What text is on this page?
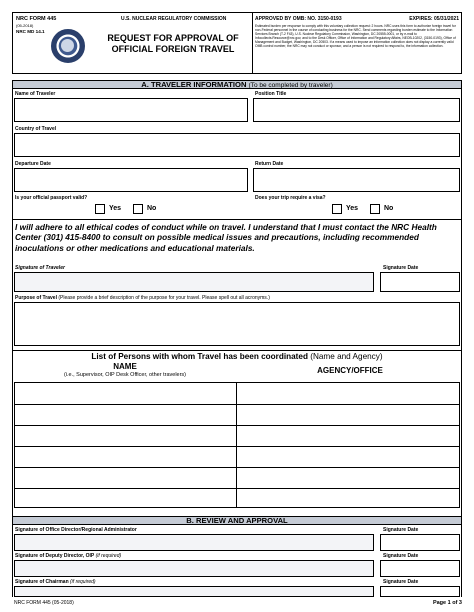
NRC FORM 445
(05-2018)
NRC MD 14.1
U.S. NUCLEAR REGULATORY COMMISSION
REQUEST FOR APPROVAL OF
OFFICIAL FOREIGN TRAVEL
APPROVED BY OMB: NO. 3150-0193	EXPIRES: 05/31/2021
Estimated burden per response to comply with this voluntary collection request: 2 hours. NRC uses this form to authorize foreign travel for non-Federal personnel in the course of conducting business for the NRC. Send comments regarding burden estimate to the Information Services Branch (T-2 F43), U.S. Nuclear Regulatory Commission, Washington, DC 20555-0001, or by e-mail to Infocollects.Resource@nrc.gov, and to the Desk Officer, Office of Information and Regulatory Affairs, NEOB-10202, (3150-0193), Office of Management and Budget, Washington, DC 20503. If a means used to impose an information collection does not display a currently valid OMB control number, the NRC may not conduct or sponsor, and a person is not required to respond to, the information collection.
A. TRAVELER INFORMATION (To be completed by traveler)
Name of Traveler	Position Title
Country of Travel
Departure Date	Return Date
Is your official passport valid?	Does your trip require a visa?
Yes	No	Yes	No
I will adhere to all ethical codes of conduct while on travel. I understand that I must contact the NRC Health Center (301) 415-8400 to consult on possible medical issues and precautions, including recommended inoculations or other medications and educational materials.
Signature of Traveler	Signature Date
Purpose of Travel (Please provide a brief description of the purpose for your travel. Please spell out all acronyms.)
List of Persons with whom Travel has been coordinated (Name and Agency)
NAME
(i.e., Supervisor, OIP Desk Officer, other travelers)	AGENCY/OFFICE
B. REVIEW AND APPROVAL
Signature of Office Director/Regional Administrator	Signature Date
Signature of Deputy Director, OIP (if required)	Signature Date
Signature of Chairman (if required)	Signature Date
NRC FORM 445 (05-2018)	Page 1 of 3
